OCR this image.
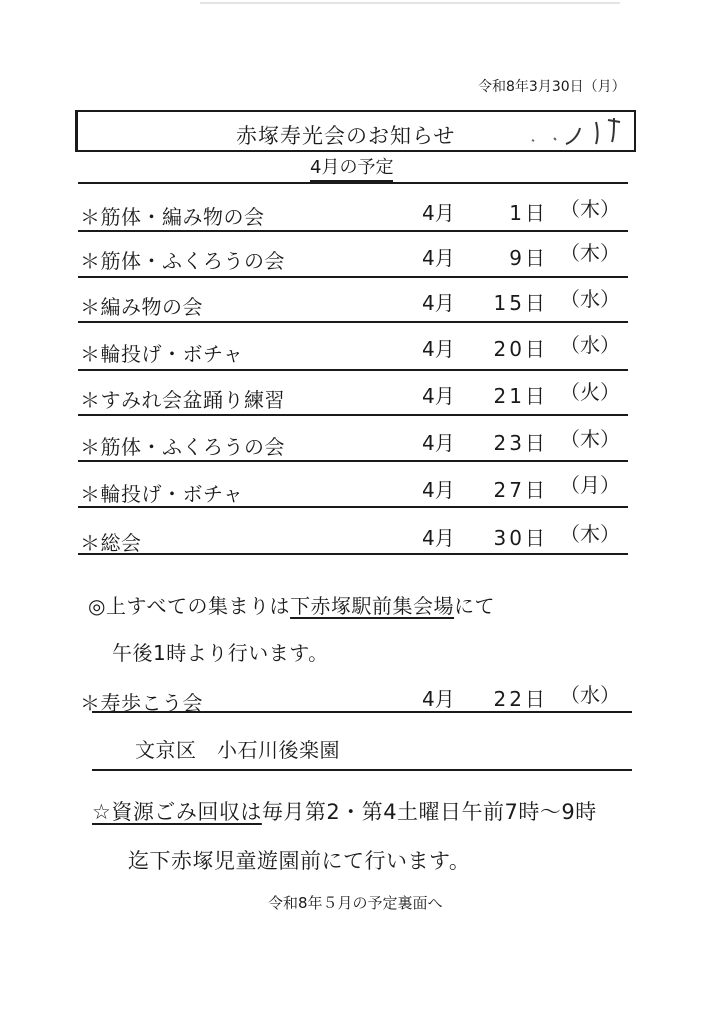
令和8年3月30日（月）
赤塚寿光会のお知らせ
4月の予定
＊筋体・編み物の会	4月	1日 （木）
＊筋体・ふくろうの会	4月	9日 （木）
＊編み物の会	4月	15日 （水）
＊輪投げ・ボチャ	4月	20日 （水）
＊すみれ会盆踊り練習	4月	21日 （火）
＊筋体・ふくろうの会	4月	23日 （木）
＊輪投げ・ボチャ	4月	27日 （月）
＊総会	4月	30日 （木）
◎上すべての集まりは下赤塚駅前集会場にて
午後1時より行います。
＊寿歩こう会	4月	22日 （水）
文京区　小石川後楽園
☆資源ごみ回収は毎月第2・第4土曜日午前7時～9時
迄下赤塚児童遊園前にて行います。
令和8年５月の予定裏面へ
